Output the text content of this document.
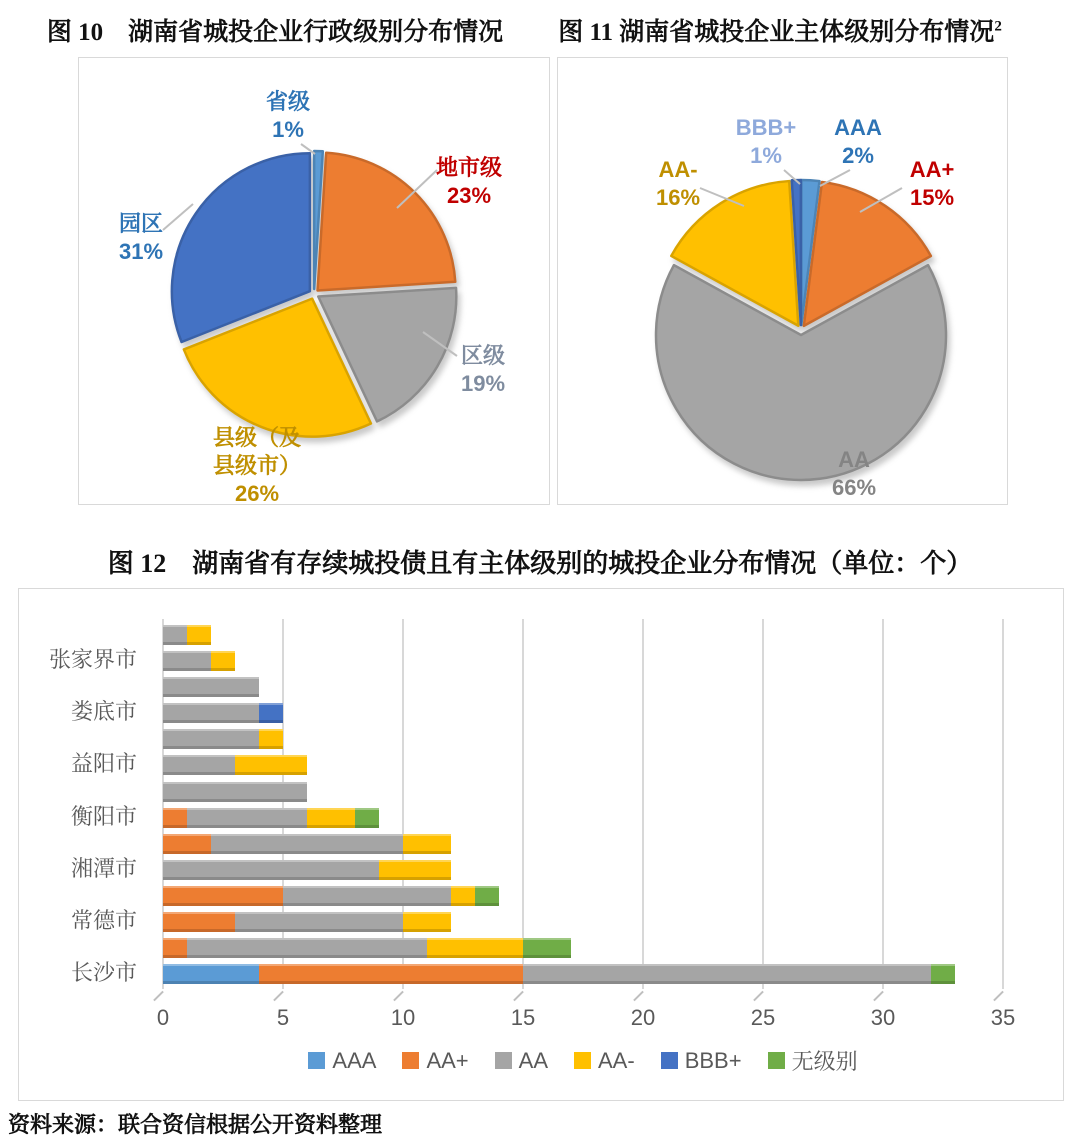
图 10　湖南省城投企业行政级别分布情况	图 11 湖南省城投企业主体级别分布情况$^2$
省级
1%
地市级
23%
区级
19%
县级（及
县级市）
26%
园区
31%
AAA
2%
AA+
15%
AA
66%
AA-
16%
BBB+
1%
图 12　湖南省有存续城投债且有主体级别的城投企业分布情况（单位：个）
0	5	10	15	20	25	30	35
张家界市
娄底市
益阳市
衡阳市
湘潭市
常德市
长沙市
AAA AA+ AA AA- BBB+ 无级别
资料来源：联合资信根据公开资料整理
